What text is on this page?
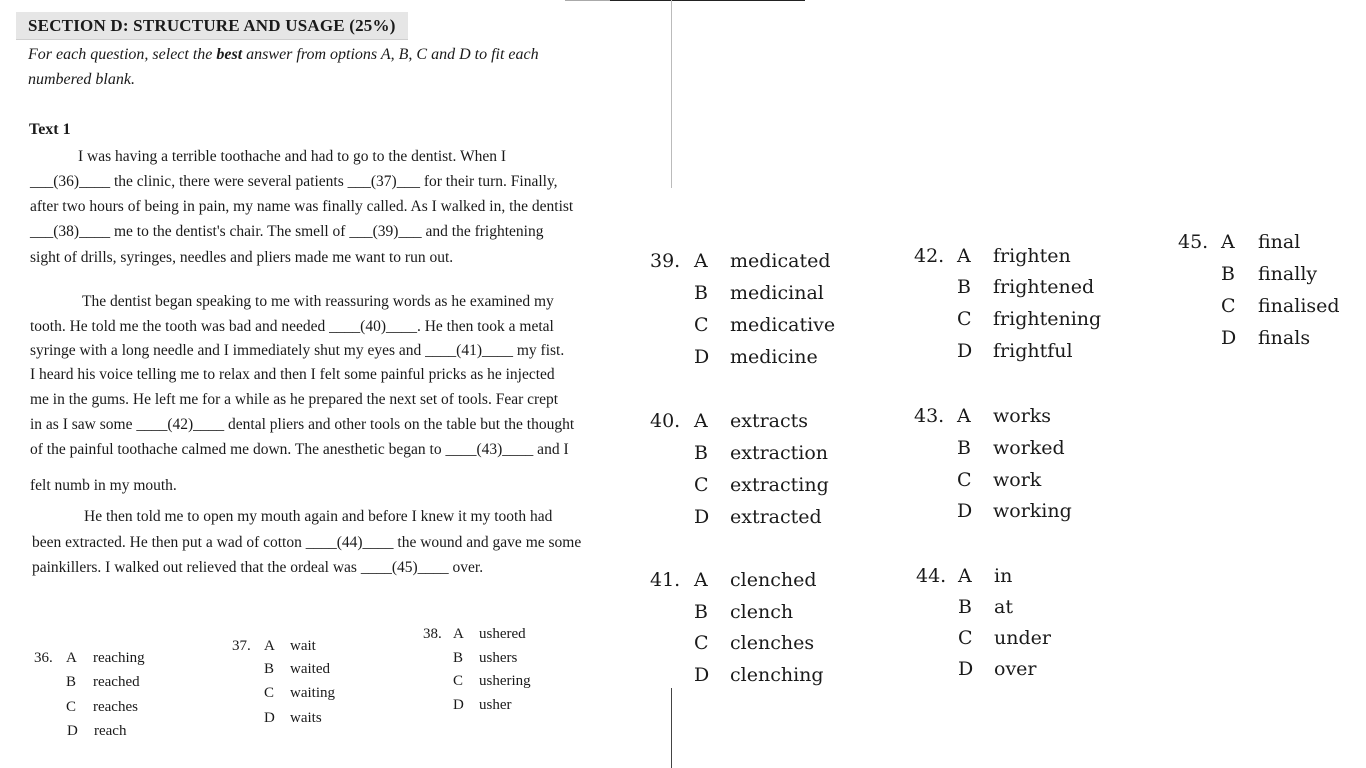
SECTION D: STRUCTURE AND USAGE (25%)
For each question, select the best answer from options A, B, C and D to fit each
numbered blank.
Text 1
I was having a terrible toothache and had to go to the dentist. When I
___(36)____ the clinic, there were several patients ___(37)___ for their turn. Finally,
after two hours of being in pain, my name was finally called. As I walked in, the dentist
___(38)____ me to the dentist's chair. The smell of ___(39)___ and the frightening
sight of drills, syringes, needles and pliers made me want to run out.
The dentist began speaking to me with reassuring words as he examined my
tooth. He told me the tooth was bad and needed ____(40)____. He then took a metal
syringe with a long needle and I immediately shut my eyes and ____(41)____ my fist.
I heard his voice telling me to relax and then I felt some painful pricks as he injected
me in the gums. He left me for a while as he prepared the next set of tools. Fear crept
in as I saw some ____(42)____ dental pliers and other tools on the table but the thought
of the painful toothache calmed me down. The anesthetic began to ____(43)____ and I
felt numb in my mouth.
He then told me to open my mouth again and before I knew it my tooth had
been extracted. He then put a wad of cotton ____(44)____ the wound and gave me some
painkillers. I walked out relieved that the ordeal was ____(45)____ over.
36. A reaching
B reached
C reaches
D reach
37. A wait
B waited
C waiting
D waits
38. A ushered
B ushers
C ushering
D usher
39. A medicated
B medicinal
C medicative
D medicine
40. A extracts
B extraction
C extracting
D extracted
41. A clenched
B clench
C clenches
D clenching
42. A frighten
B frightened
C frightening
D frightful
43. A works
B worked
C work
D working
44. A in
B at
C under
D over
45. A final
B finally
C finalised
D finals
